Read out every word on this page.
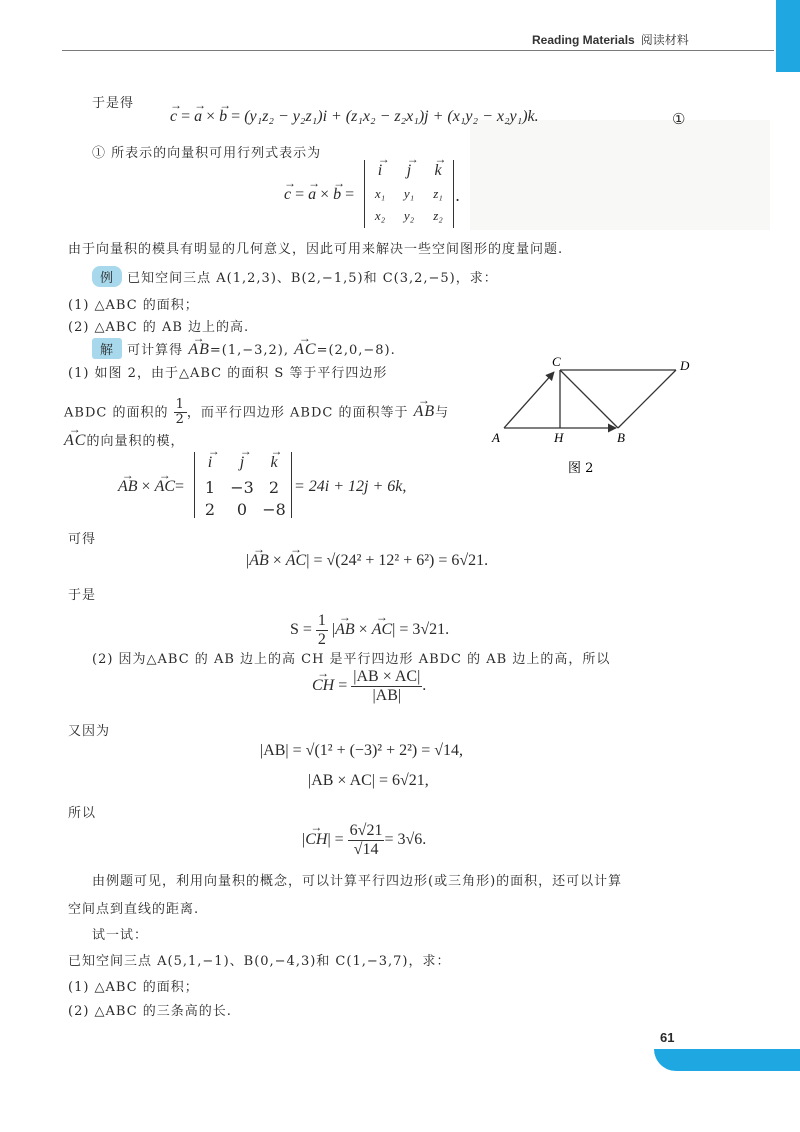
Reading Materials 阅读材料
于是得
→ c = → a × → b = (y₁z₂ − y₂z₁)i + (z₁x₂ − z₂x₁)j + (x₁y₂ − x₂y₁)k.	①
① 所表示的向量积可用行列式表示为
→ c = → a × → b =
→ i	→ j	→ k
x₁	y₁	z₁
x₂	y₂	z₂
.
由于向量积的模具有明显的几何意义，因此可用来解决一些空间图形的度量问题.
例 已知空间三点 A(1,2,3)、B(2,−1,5)和 C(3,2,−5)，求：
(1) △ABC 的面积；
(2) △ABC 的 AB 边上的高.
解 可计算得 → AB=(1,−3,2), → AC=(2,0,−8).
(1) 如图 2，由于△ABC 的面积 S 等于平行四边形
ABDC 的面积的 $\frac{1}{2}$ ，而平行四边形 ABDC 的面积等于 → AB与
→ AC的向量积的模，	A	B
C	D
H
图 2
→ AB × → AC=
→ i	→ j	→ k
1 −3 2
2	0 −8
= 24i + 12j + 6k,
可得
|→ AB × → AC| = √(24² + 12² + 6²) = 6√21.
于是
$S = \frac{1}{2}$ |→ AB × → AC| = 3√21.
(2) 因为△ABC 的 AB 边上的高 CH 是平行四边形 ABDC 的 AB 边上的高，所以
→ CH = $\frac{|AB \times AC|}{|AB|}$ .
又因为
|AB| = √(1² + (−3)² + 2²) = √14,
|AB × AC| = 6√21,
所以
|→ $CH| = \frac{6√21}{√14} = 3√6$.
由例题可见，利用向量积的概念，可以计算平行四边形(或三角形)的面积，还可以计算
空间点到直线的距离.
试一试：
已知空间三点 A(5,1,−1)、B(0,−4,3)和 C(1,−3,7)，求：
(1) △ABC 的面积；
(2) △ABC 的三条高的长.
61
